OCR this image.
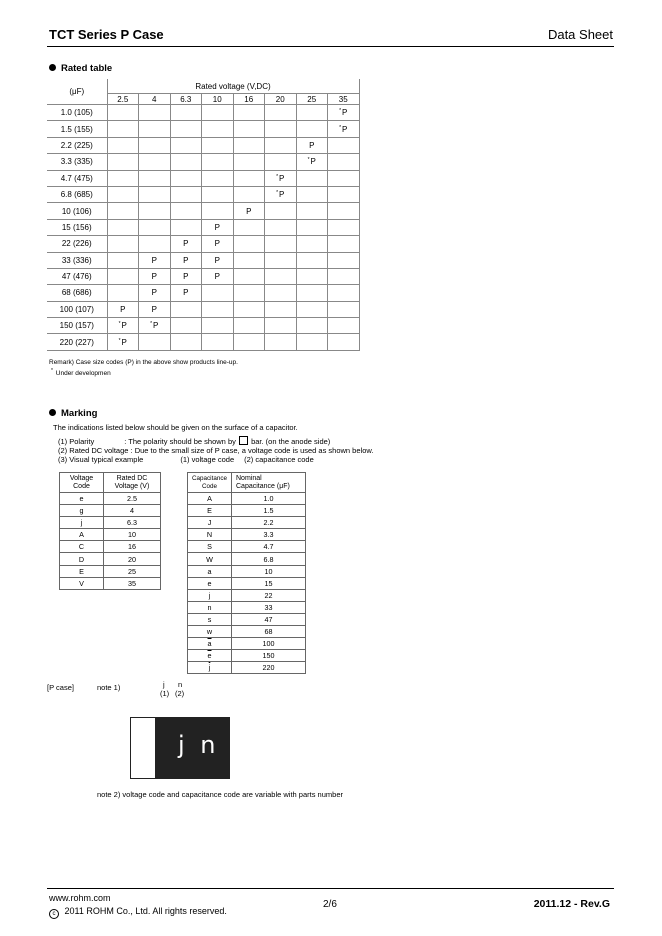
TCT Series P Case	Data Sheet
Rated table
(μF)	Rated voltage (V,DC)							
	2.5	4	6.3	10	16	20	25	35
1.0 (105)								*P
1.5 (155)								*P
2.2 (225)							P	
3.3 (335)							*P	
4.7 (475)						*P		
6.8 (685)						*P		
10 (106)					P			
15 (156)				P				
22 (226)			P	P				
33 (336)		P	P	P				
47 (476)		P	P	P				
68 (686)		P	P					
100 (107)	P	P						
150 (157)	*P	*P						
220 (227)	*P							
Remark) Case size codes (P) in the above show products line-up.
* Under developmen
Marking
The indications listed below should be given on the surface of a capacitor.
(1) Polarity	: The polarity should be shown by bar. (on the anode side)
(2) Rated DC voltage : Due to the small size of P case, a voltage code is used as shown below.
(3) Visual typical example	(1) voltage code (2) capacitance code
Voltage
Code	Rated DC
Voltage (V)
e	2.5
g	4
j	6.3
A	10
C	16
D	20
E	25
V	35
Capacitance
Code	Nominal
Capacitance (μF)
A	1.0
E	1.5
J	2.2
N	3.3
S	4.7
W	6.8
a	10
e	15
j	22
n	33
s	47
w	68
$\overline{a}$	100
$\overline{e}$	150
$\overline{j}$	220
[P case]	note 1)	j n
(1) (2)
j n
note 2) voltage code and capacitance code are variable with parts number
www.rohm.com
c 2011 ROHM Co., Ltd. All rights reserved.
2/6	2011.12 - Rev.G
